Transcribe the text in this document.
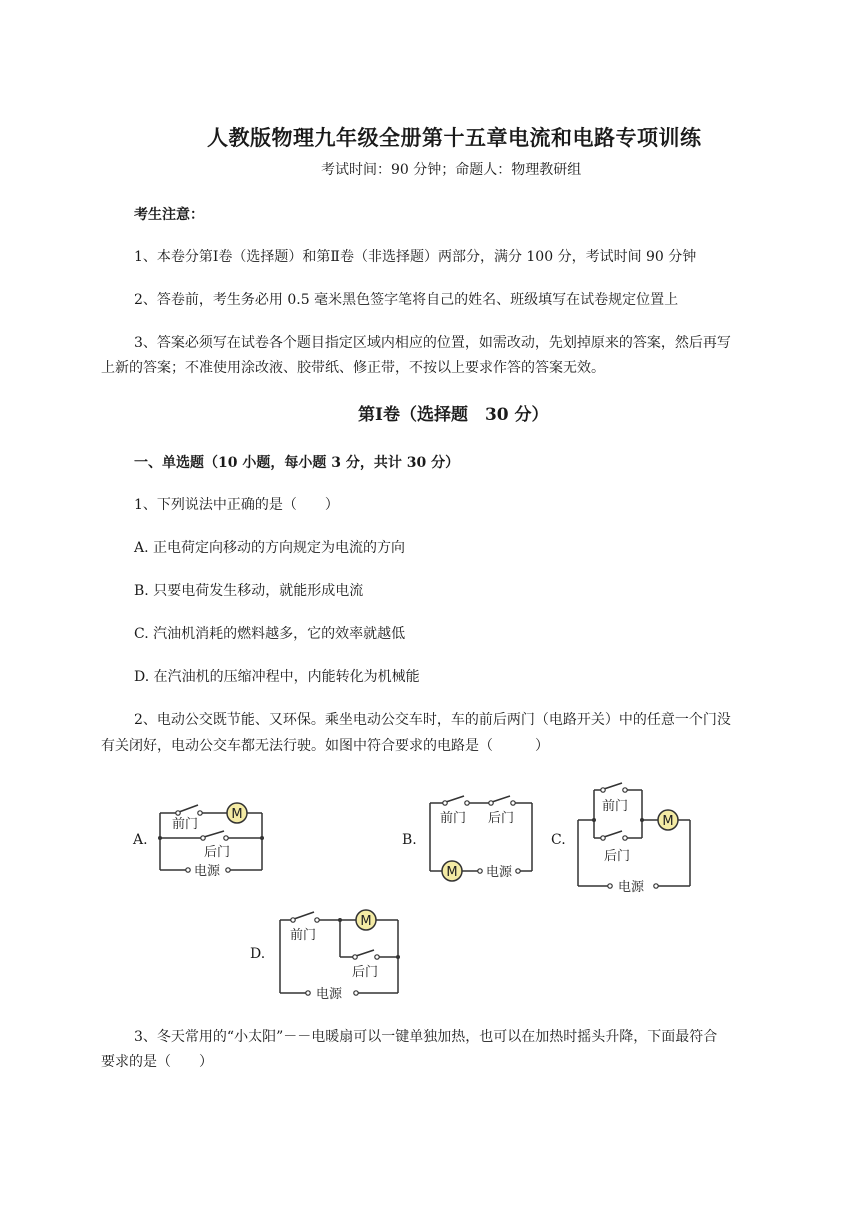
人教版物理九年级全册第十五章电流和电路专项训练
考试时间：90 分钟；命题人：物理教研组
考生注意：
1、本卷分第Ⅰ卷（选择题）和第Ⅱ卷（非选择题）两部分，满分 100 分，考试时间 90 分钟
2、答卷前，考生务必用 0.5 毫米黑色签字笔将自己的姓名、班级填写在试卷规定位置上
3、答案必须写在试卷各个题目指定区域内相应的位置，如需改动，先划掉原来的答案，然后再写
上新的答案；不准使用涂改液、胶带纸、修正带，不按以上要求作答的答案无效。
第Ⅰ卷（选择题　30 分）
一、单选题（10 小题，每小题 3 分，共计 30 分）
1、下列说法中正确的是（　　）
A. 正电荷定向移动的方向规定为电流的方向
B. 只要电荷发生移动，就能形成电流
C. 汽油机消耗的燃料越多，它的效率就越低
D. 在汽油机的压缩冲程中，内能转化为机械能
2、电动公交既节能、又环保。乘坐电动公交车时，车的前后两门（电路开关）中的任意一个门没
有关闭好，电动公交车都无法行驶。如图中符合要求的电路是（　　　）
A.	B.	C.
D.
M
前门
后门
电源
前门 后门
M 电源
前门
后门
M
电源
前门
M
后门
电源
3、冬天常用的“小太阳”－－电暖扇可以一键单独加热，也可以在加热时摇头升降，下面最符合
要求的是（　　）
